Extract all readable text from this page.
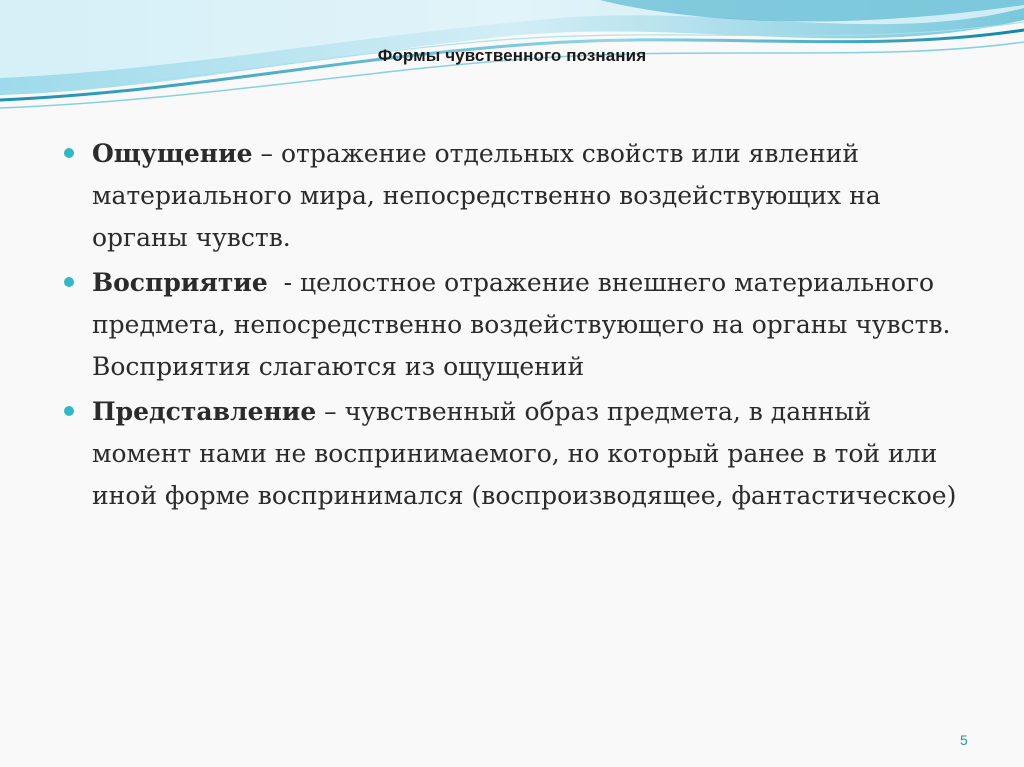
Формы чувственного познания
Ощущение – отражение отдельных свойств или явлений материального мира, непосредственно воздействующих на органы чувств.
Восприятие  - целостное отражение внешнего материального предмета, непосредственно воздействующего на органы чувств. Восприятия слагаются из ощущений
Представление – чувственный образ предмета, в данный момент нами не воспринимаемого, но который ранее в той или иной форме воспринимался (воспроизводящее, фантастическое)
5
